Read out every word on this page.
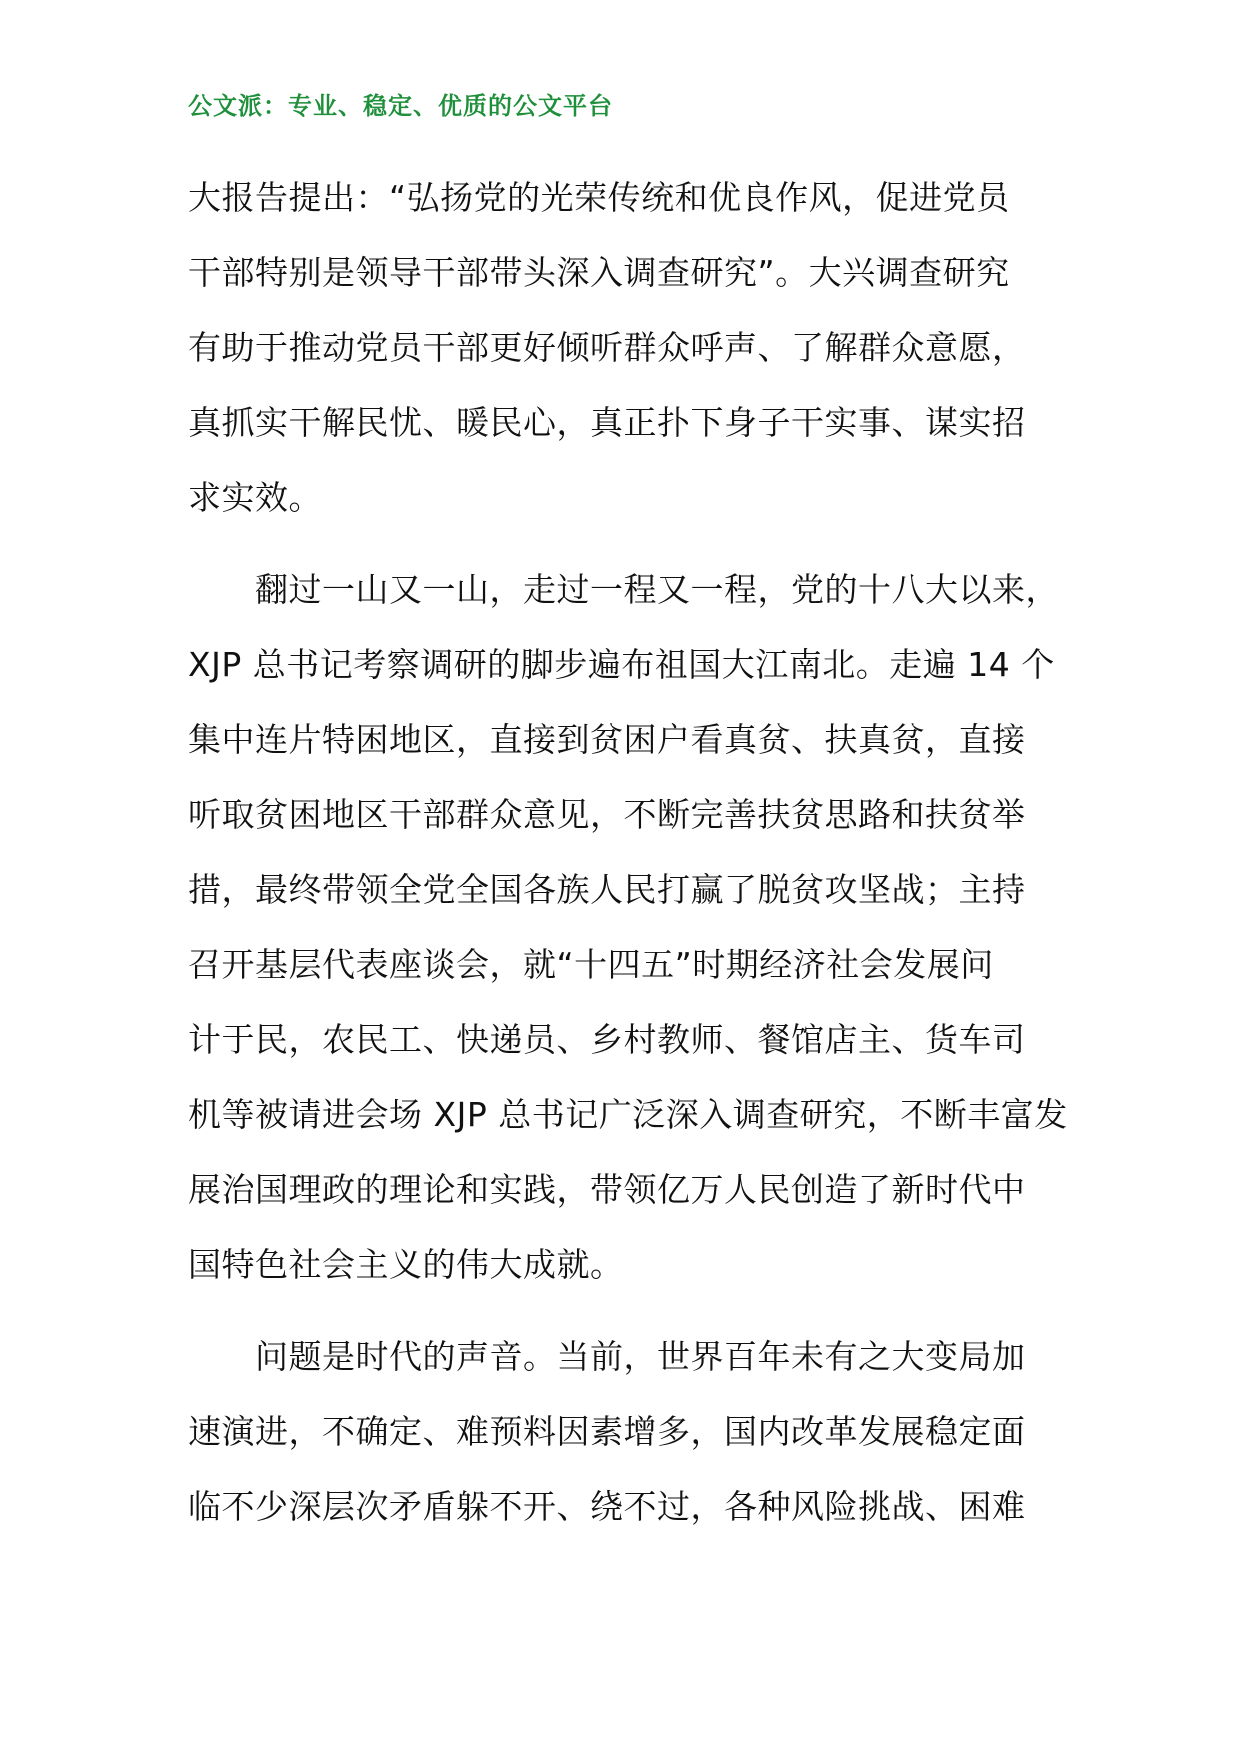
公文派：专业、稳定、优质的公文平台
大报告提出：“弘扬党的光荣传统和优良作风，促进党员
干部特别是领导干部带头深入调查研究”。大兴调查研究
有助于推动党员干部更好倾听群众呼声、了解群众意愿，
真抓实干解民忧、暖民心，真正扑下身子干实事、谋实招
求实效。
　　翻过一山又一山，走过一程又一程，党的十八大以来，
XJP 总书记考察调研的脚步遍布祖国大江南北。走遍 14 个
集中连片特困地区，直接到贫困户看真贫、扶真贫，直接
听取贫困地区干部群众意见，不断完善扶贫思路和扶贫举
措，最终带领全党全国各族人民打赢了脱贫攻坚战；主持
召开基层代表座谈会，就“十四五”时期经济社会发展问
计于民，农民工、快递员、乡村教师、餐馆店主、货车司
机等被请进会场 XJP 总书记广泛深入调查研究，不断丰富发
展治国理政的理论和实践，带领亿万人民创造了新时代中
国特色社会主义的伟大成就。
　　问题是时代的声音。当前，世界百年未有之大变局加
速演进，不确定、难预料因素增多，国内改革发展稳定面
临不少深层次矛盾躲不开、绕不过，各种风险挑战、困难
